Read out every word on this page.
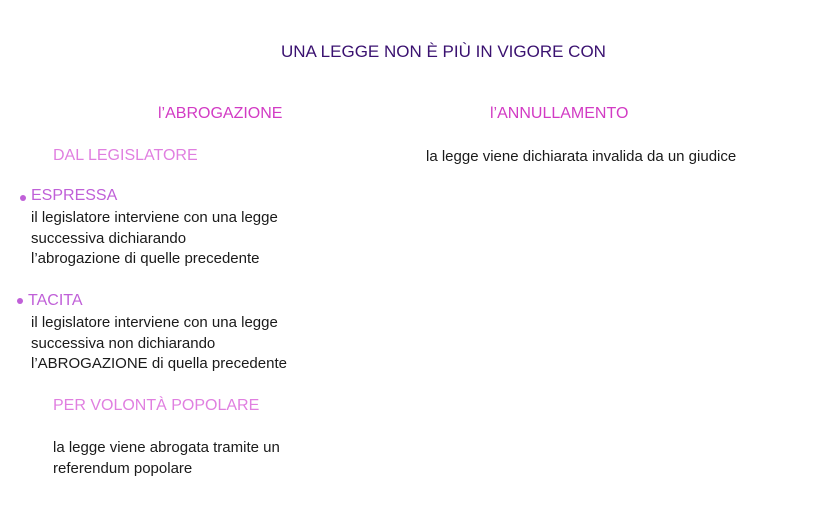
UNA LEGGE NON È PIÙ IN VIGORE CON
l’ABROGAZIONE	l’ANNULLAMENTO
DAL LEGISLATORE	la legge viene dichiarata invalida da un giudice
ESPRESSA
il legislatore interviene con una legge
successiva dichiarando
l’abrogazione di quelle precedente
TACITA
il legislatore interviene con una legge
successiva non dichiarando
l’ABROGAZIONE di quella precedente
PER VOLONTÀ POPOLARE
la legge viene abrogata tramite un
referendum popolare
